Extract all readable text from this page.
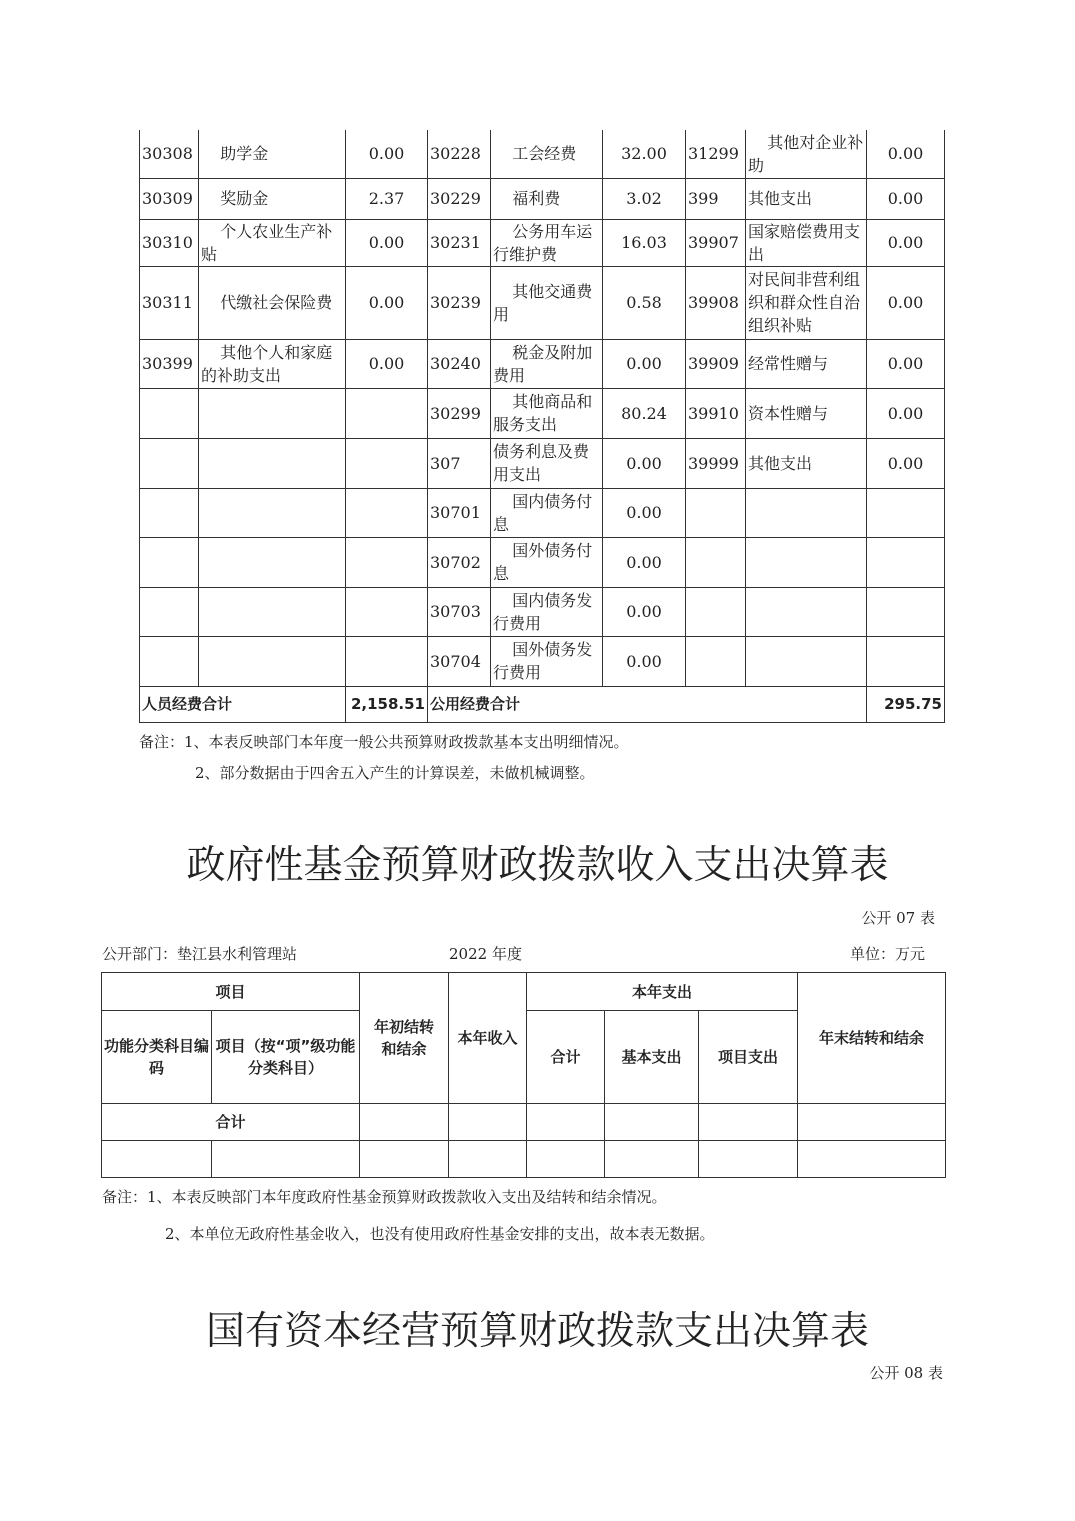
30308	助学金	0.00	30228	工会经费	32.00	31299	其他对企业补助	0.00
30309	奖励金	2.37	30229	福利费	3.02	399	其他支出	0.00
30310	个人农业生产补贴	0.00	30231	公务用车运行维护费	16.03	39907	国家赔偿费用支出	0.00
30311	代缴社会保险费	0.00	30239	其他交通费用	0.58	39908	对民间非营利组织和群众性自治组织补贴	0.00
30399	其他个人和家庭的补助支出	0.00	30240	税金及附加费用	0.00	39909	经常性赠与	0.00
			30299	其他商品和服务支出	80.24	39910	资本性赠与	0.00
			307	债务利息及费用支出	0.00	39999	其他支出	0.00
			30701	国内债务付息	0.00			
			30702	国外债务付息	0.00			
			30703	国内债务发行费用	0.00			
			30704	国外债务发行费用	0.00			
人员经费合计		2,158.51	公用经费合计					295.75
备注：1、本表反映部门本年度一般公共预算财政拨款基本支出明细情况。
2、部分数据由于四舍五入产生的计算误差，未做机械调整。
政府性基金预算财政拨款收入支出决算表
公开 07 表
公开部门：垫江县水利管理站	2022 年度	单位：万元
项目		年初结转和结余	本年收入	本年支出			年末结转和结余
功能分类科目编码	项目（按“项”级功能分类科目）			合计	基本支出	项目支出	
合计							

备注：1、本表反映部门本年度政府性基金预算财政拨款收入支出及结转和结余情况。
2、本单位无政府性基金收入，也没有使用政府性基金安排的支出，故本表无数据。
国有资本经营预算财政拨款支出决算表
公开 08 表
